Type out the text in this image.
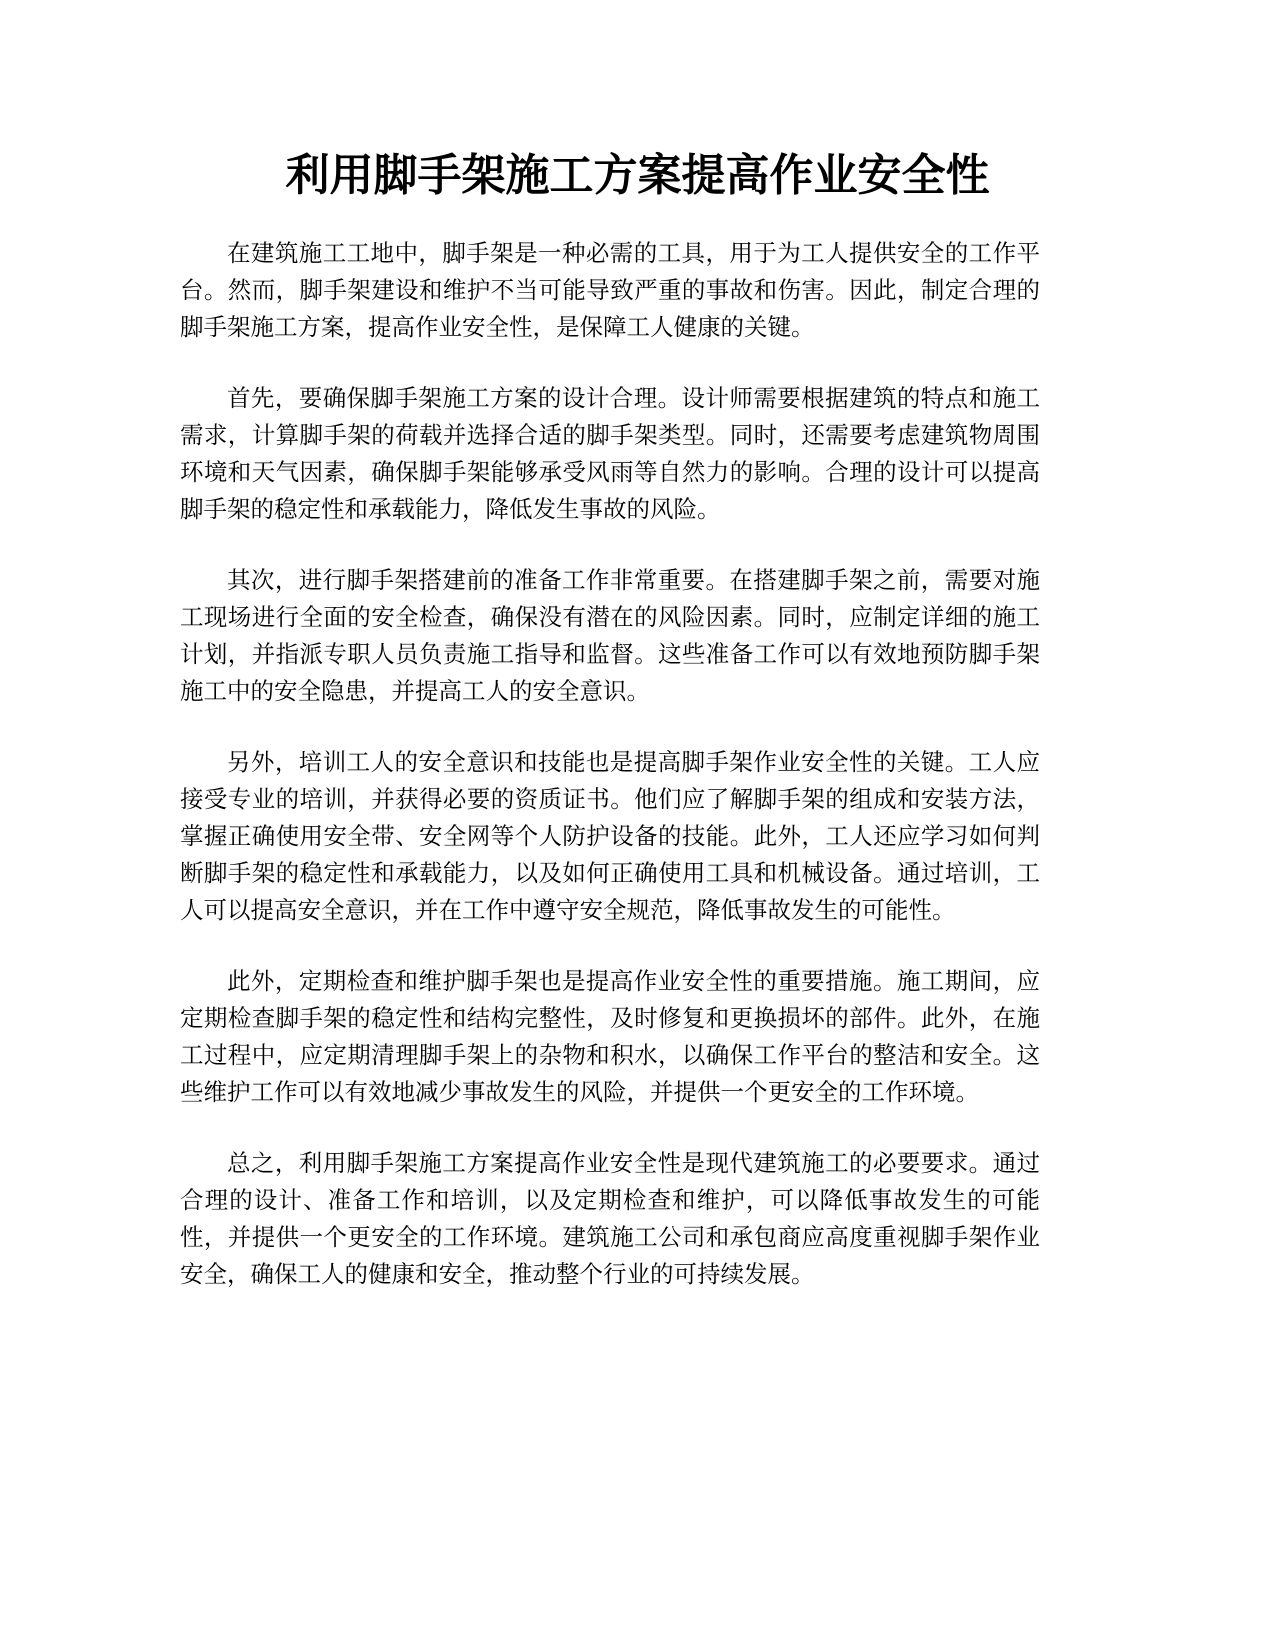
利用脚手架施工方案提高作业安全性

在建筑施工工地中，脚手架是一种必需的工具，用于为工人提供安全的工作平台。然而，脚手架建设和维护不当可能导致严重的事故和伤害。因此，制定合理的脚手架施工方案，提高作业安全性，是保障工人健康的关键。

首先，要确保脚手架施工方案的设计合理。设计师需要根据建筑的特点和施工需求，计算脚手架的荷载并选择合适的脚手架类型。同时，还需要考虑建筑物周围环境和天气因素，确保脚手架能够承受风雨等自然力的影响。合理的设计可以提高脚手架的稳定性和承载能力，降低发生事故的风险。

其次，进行脚手架搭建前的准备工作非常重要。在搭建脚手架之前，需要对施工现场进行全面的安全检查，确保没有潜在的风险因素。同时，应制定详细的施工计划，并指派专职人员负责施工指导和监督。这些准备工作可以有效地预防脚手架施工中的安全隐患，并提高工人的安全意识。

另外，培训工人的安全意识和技能也是提高脚手架作业安全性的关键。工人应接受专业的培训，并获得必要的资质证书。他们应了解脚手架的组成和安装方法，掌握正确使用安全带、安全网等个人防护设备的技能。此外，工人还应学习如何判断脚手架的稳定性和承载能力，以及如何正确使用工具和机械设备。通过培训，工人可以提高安全意识，并在工作中遵守安全规范，降低事故发生的可能性。

此外，定期检查和维护脚手架也是提高作业安全性的重要措施。施工期间，应定期检查脚手架的稳定性和结构完整性，及时修复和更换损坏的部件。此外，在施工过程中，应定期清理脚手架上的杂物和积水，以确保工作平台的整洁和安全。这些维护工作可以有效地减少事故发生的风险，并提供一个更安全的工作环境。

总之，利用脚手架施工方案提高作业安全性是现代建筑施工的必要要求。通过合理的设计、准备工作和培训，以及定期检查和维护，可以降低事故发生的可能性，并提供一个更安全的工作环境。建筑施工公司和承包商应高度重视脚手架作业安全，确保工人的健康和安全，推动整个行业的可持续发展。
